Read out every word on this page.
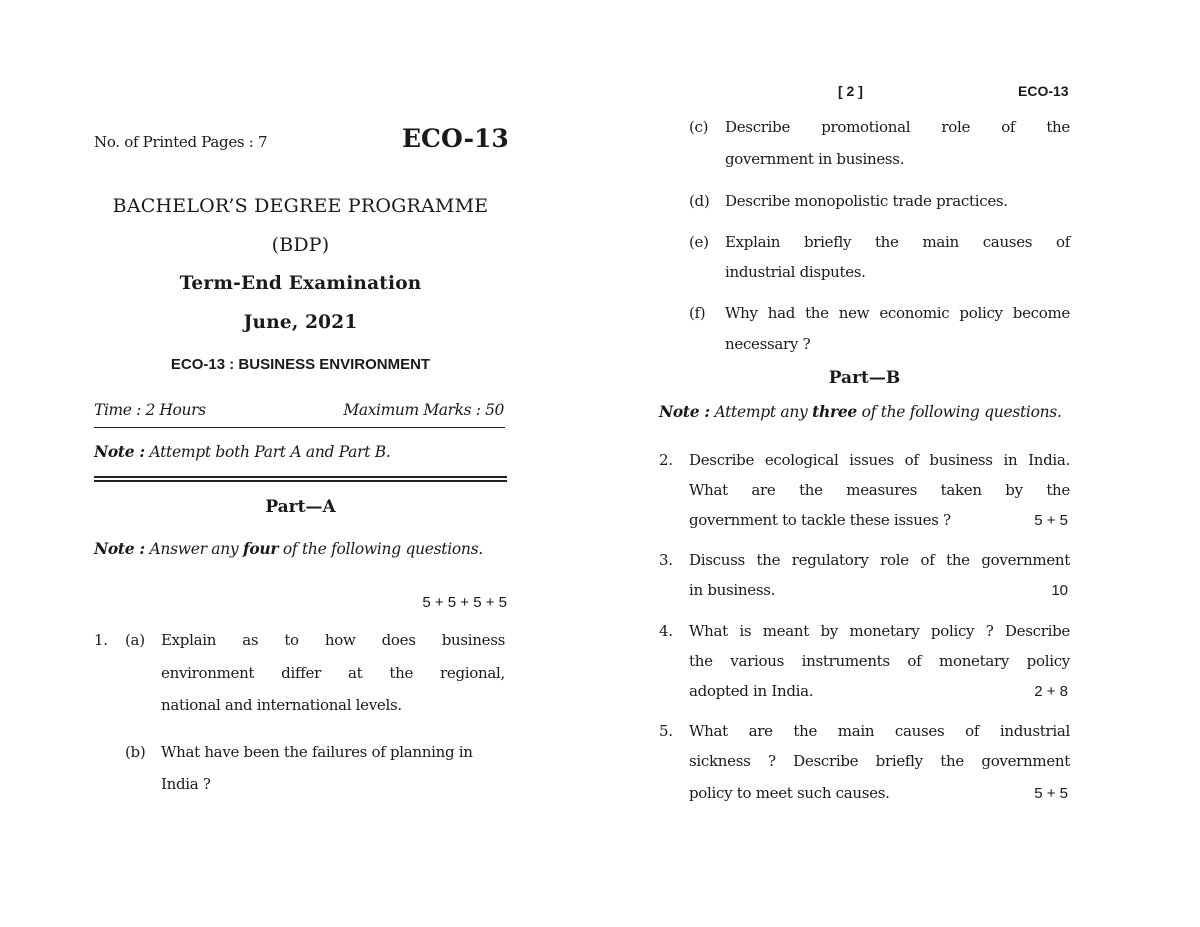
No. of Printed Pages : 7	ECO-13
BACHELOR’S DEGREE PROGRAMME
(BDP)
Term-End Examination
June, 2021
ECO-13 : BUSINESS ENVIRONMENT
Time : 2 Hours	Maximum Marks : 50
Note : Attempt both Part A and Part B.
Part—A
Note : Answer any four of the following questions.
5 + 5 + 5 + 5
1. (a) Explain as to how does business
environment differ at the regional,
national and international levels.
(b) What have been the failures of planning in
India ?
[ 2 ]	ECO-13
(c) Describe promotional role of the
government in business.
(d) Describe monopolistic trade practices.
(e) Explain briefly the main causes of
industrial disputes.
(f) Why had the new economic policy become
necessary ?
Part—B
Note : Attempt any three of the following questions.
2. Describe ecological issues of business in India.
What are the measures taken by the
government to tackle these issues ?	5 + 5
3. Discuss the regulatory role of the government
in business.	10
4. What is meant by monetary policy ? Describe
the various instruments of monetary policy
adopted in India.	2 + 8
5. What are the main causes of industrial
sickness ? Describe briefly the government
policy to meet such causes.	5 + 5
